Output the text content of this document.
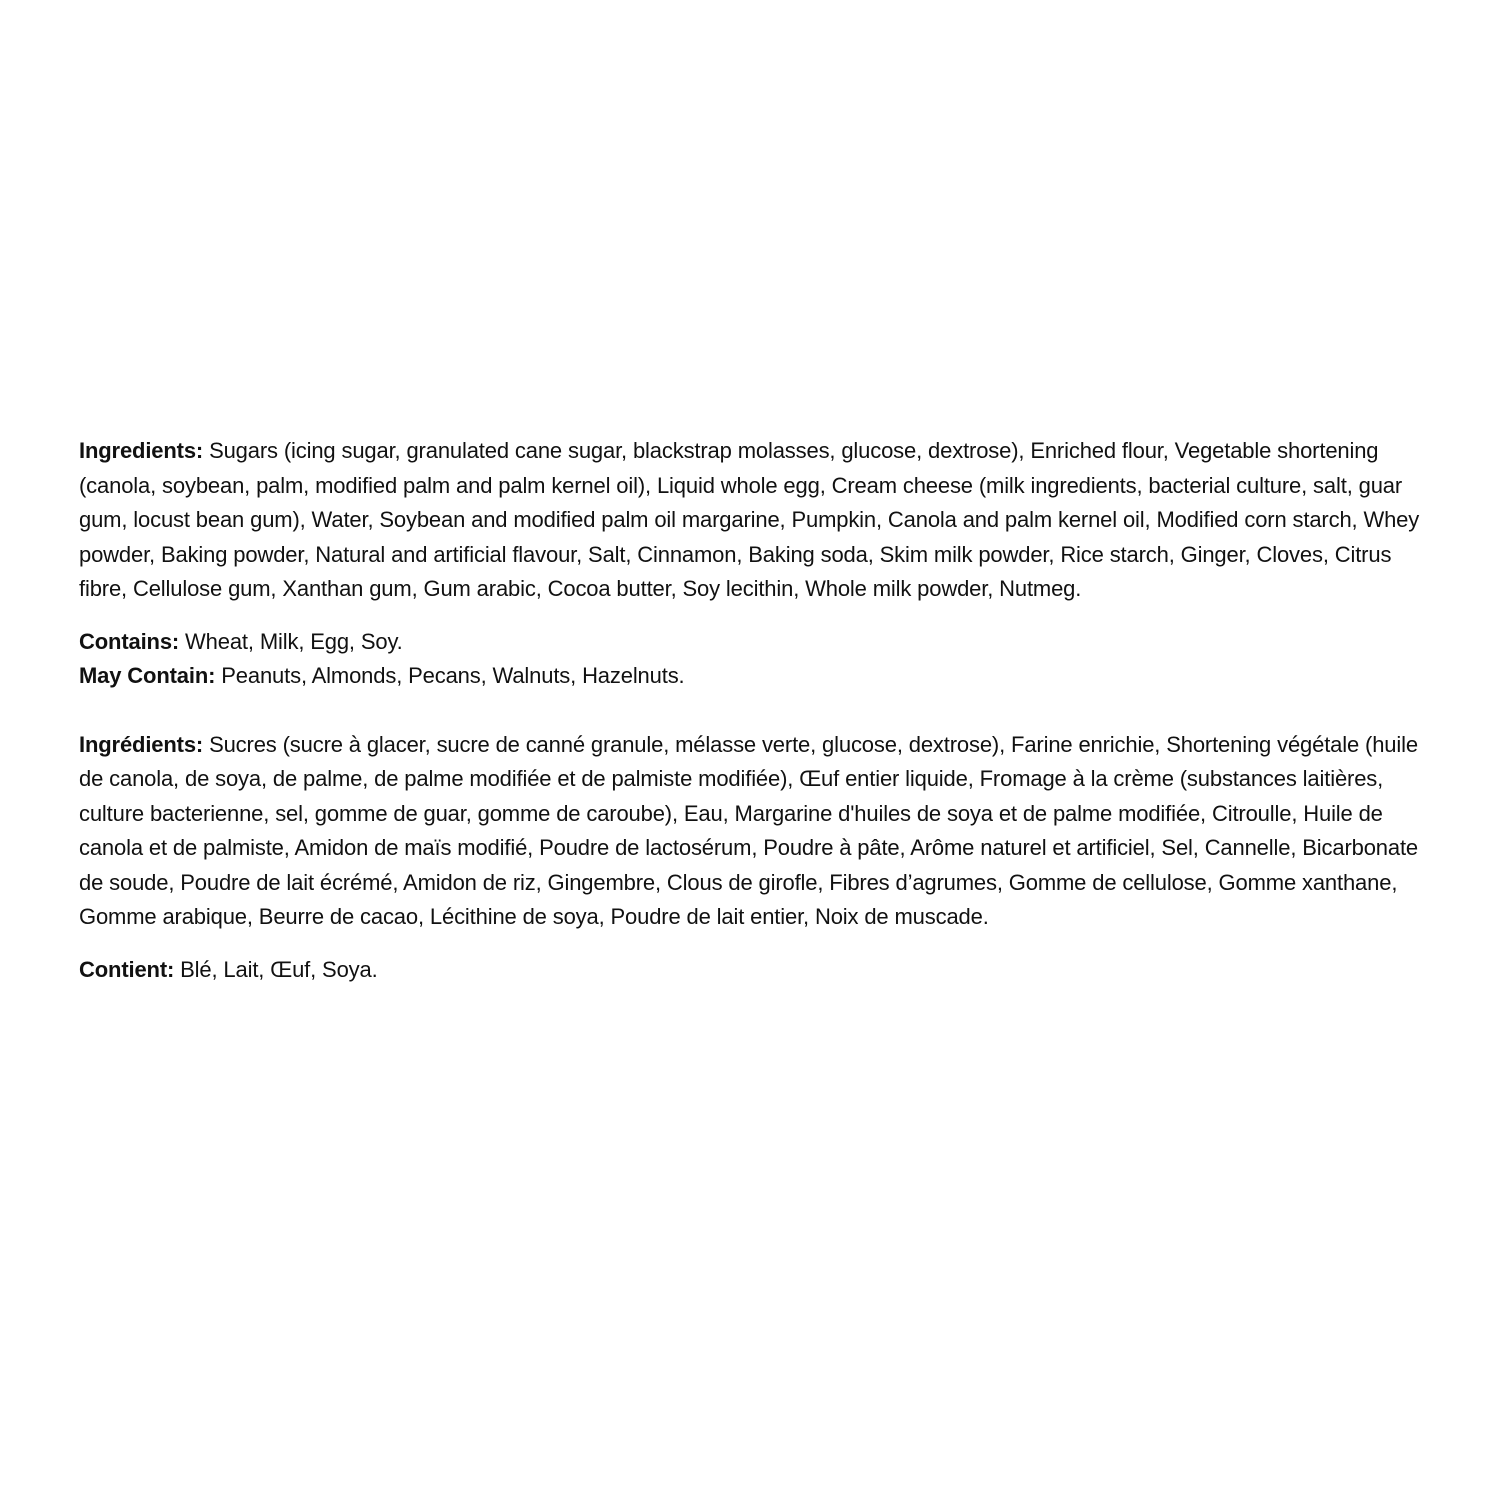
Ingredients: Sugars (icing sugar, granulated cane sugar, blackstrap molasses, glucose, dextrose), Enriched flour, Vegetable shortening (canola, soybean, palm, modified palm and palm kernel oil), Liquid whole egg, Cream cheese (milk ingredients, bacterial culture, salt, guar gum, locust bean gum), Water, Soybean and modified palm oil margarine, Pumpkin, Canola and palm kernel oil, Modified corn starch, Whey powder, Baking powder, Natural and artificial flavour, Salt, Cinnamon, Baking soda, Skim milk powder, Rice starch, Ginger, Cloves, Citrus fibre, Cellulose gum, Xanthan gum, Gum arabic, Cocoa butter, Soy lecithin, Whole milk powder, Nutmeg.

Contains: Wheat, Milk, Egg, Soy.

May Contain: Peanuts, Almonds, Pecans, Walnuts, Hazelnuts.

Ingrédients: Sucres (sucre à glacer, sucre de canné granule, mélasse verte, glucose, dextrose), Farine enrichie, Shortening végétale (huile de canola, de soya, de palme, de palme modifiée et de palmiste modifiée), Œuf entier liquide, Fromage à la crème (substances laitières, culture bacterienne, sel, gomme de guar, gomme de caroube), Eau, Margarine d'huiles de soya et de palme modifiée, Citroulle, Huile de canola et de palmiste, Amidon de maïs modifié, Poudre de lactosérum, Poudre à pâte, Arôme naturel et artificiel, Sel, Cannelle, Bicarbonate de soude, Poudre de lait écrémé, Amidon de riz, Gingembre, Clous de girofle, Fibres d’agrumes, Gomme de cellulose, Gomme xanthane, Gomme arabique, Beurre de cacao, Lécithine de soya, Poudre de lait entier, Noix de muscade.

Contient: Blé, Lait, Œuf, Soya.
